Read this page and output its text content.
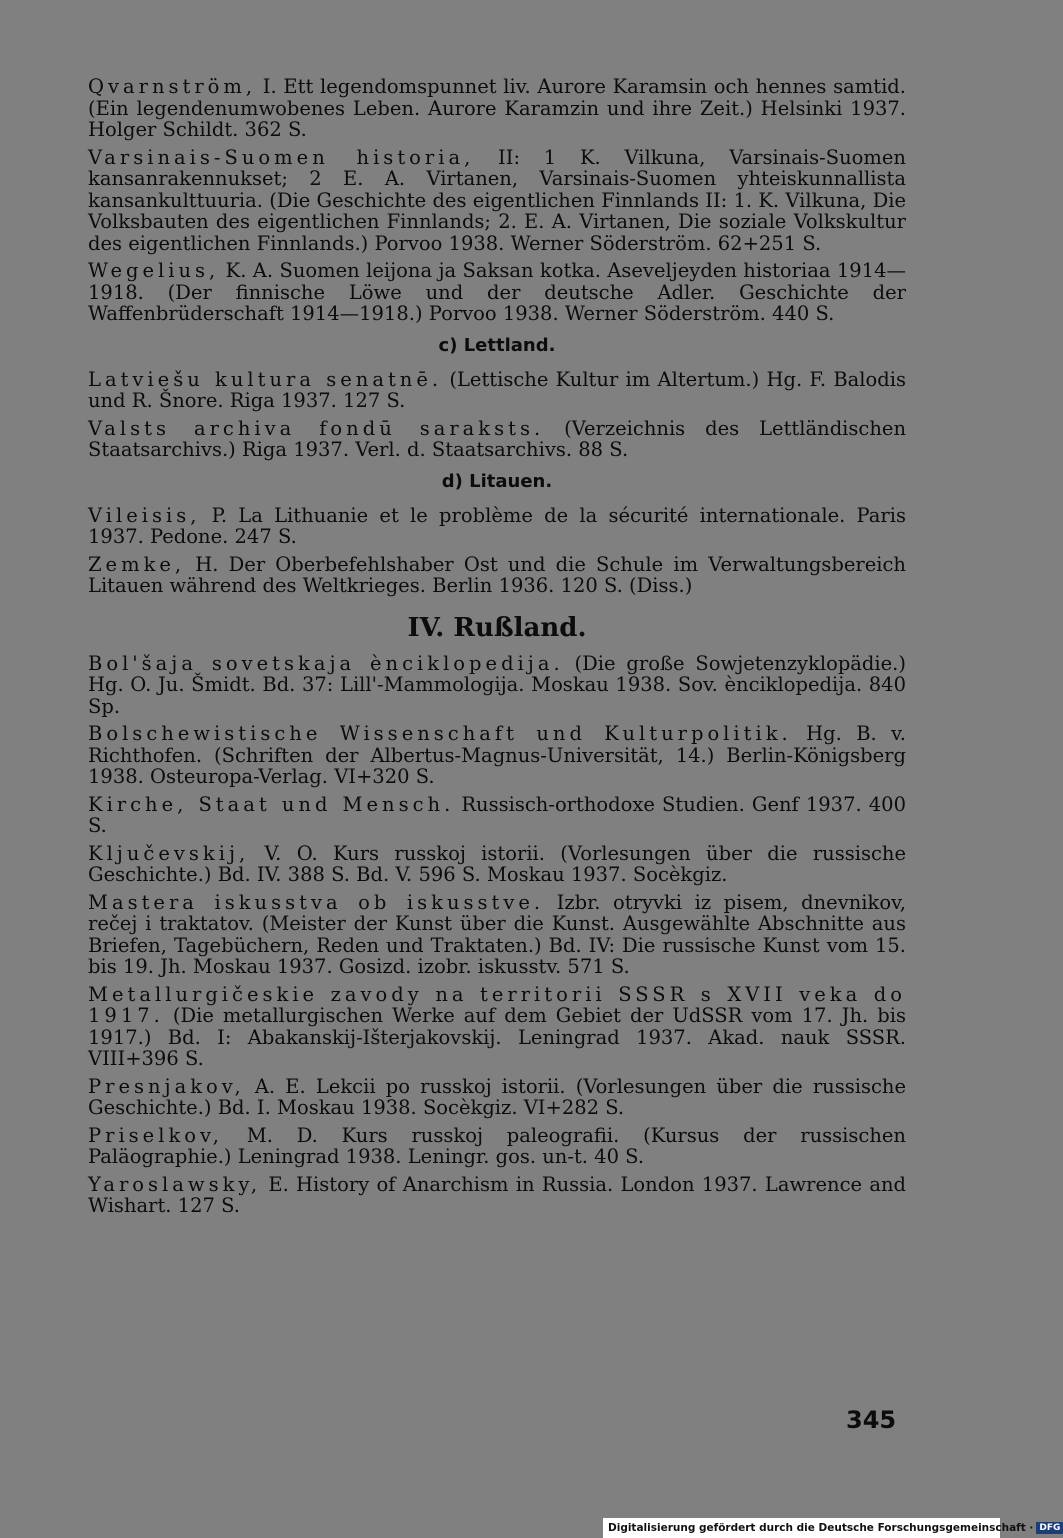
Qvarnström, I. Ett legendomspunnet liv. Aurore Karamsin och hennes samtid. (Ein legendenumwobenes Leben. Aurore Karamzin und ihre Zeit.) Helsinki 1937. Holger Schildt. 362 S.

Varsinais-Suomen historia, II: 1 K. Vilkuna, Varsinais-Suomen kansanrakennukset; 2 E. A. Virtanen, Varsinais-Suomen yhteiskunnallista kansankulttuuria. (Die Geschichte des eigentlichen Finnlands II: 1. K. Vilkuna, Die Volksbauten des eigentlichen Finnlands; 2. E. A. Virtanen, Die soziale Volkskultur des eigentlichen Finnlands.) Porvoo 1938. Werner Söderström. 62+251 S.

Wegelius, K. A. Suomen leijona ja Saksan kotka. Aseveljeyden historiaa 1914—1918. (Der finnische Löwe und der deutsche Adler. Geschichte der Waffenbrüderschaft 1914—1918.) Porvoo 1938. Werner Söderström. 440 S.

c) Lettland.

Latviešu kultura senatnē. (Lettische Kultur im Altertum.) Hg. F. Balodis und R. Šnore. Riga 1937. 127 S.

Valsts archiva fondū saraksts. (Verzeichnis des Lettländischen Staatsarchivs.) Riga 1937. Verl. d. Staatsarchivs. 88 S.

d) Litauen.

Vileisis, P. La Lithuanie et le problème de la sécurité internationale. Paris 1937. Pedone. 247 S.

Zemke, H. Der Oberbefehlshaber Ost und die Schule im Verwaltungsbereich Litauen während des Weltkrieges. Berlin 1936. 120 S. (Diss.)

IV. Rußland.

Bol'šaja sovetskaja ènciklopedija. (Die große Sowjetenzyklopädie.) Hg. O. Ju. Šmidt. Bd. 37: Lill'-Mammologija. Moskau 1938. Sov. ènciklopedija. 840 Sp.

Bolschewistische Wissenschaft und Kulturpolitik. Hg. B. v. Richthofen. (Schriften der Albertus-Magnus-Universität, 14.) Berlin-Königsberg 1938. Osteuropa-Verlag. VI+320 S.

Kirche, Staat und Mensch. Russisch-orthodoxe Studien. Genf 1937. 400 S.

Ključevskij, V. O. Kurs russkoj istorii. (Vorlesungen über die russische Geschichte.) Bd. IV. 388 S. Bd. V. 596 S. Moskau 1937. Socèkgiz.

Mastera iskusstva ob iskusstve. Izbr. otryvki iz pisem, dnevnikov, rečej i traktatov. (Meister der Kunst über die Kunst. Ausgewählte Abschnitte aus Briefen, Tagebüchern, Reden und Traktaten.) Bd. IV: Die russische Kunst vom 15. bis 19. Jh. Moskau 1937. Gosizd. izobr. iskusstv. 571 S.

Metallurgičeskie zavody na territorii SSSR s XVII veka do 1917. (Die metallurgischen Werke auf dem Gebiet der UdSSR vom 17. Jh. bis 1917.) Bd. I: Abakanskij-Išterjakovskij. Leningrad 1937. Akad. nauk SSSR. VIII+396 S.

Presnjakov, A. E. Lekcii po russkoj istorii. (Vorlesungen über die russische Geschichte.) Bd. I. Moskau 1938. Socèkgiz. VI+282 S.

Priselkov, M. D. Kurs russkoj paleografii. (Kursus der russischen Paläographie.) Leningrad 1938. Leningr. gos. un-t. 40 S.

Yaroslawsky, E. History of Anarchism in Russia. London 1937. Lawrence and Wishart. 127 S.

345
Digitalisierung gefördert durch die Deutsche Forschungsgemeinschaft · DFG
